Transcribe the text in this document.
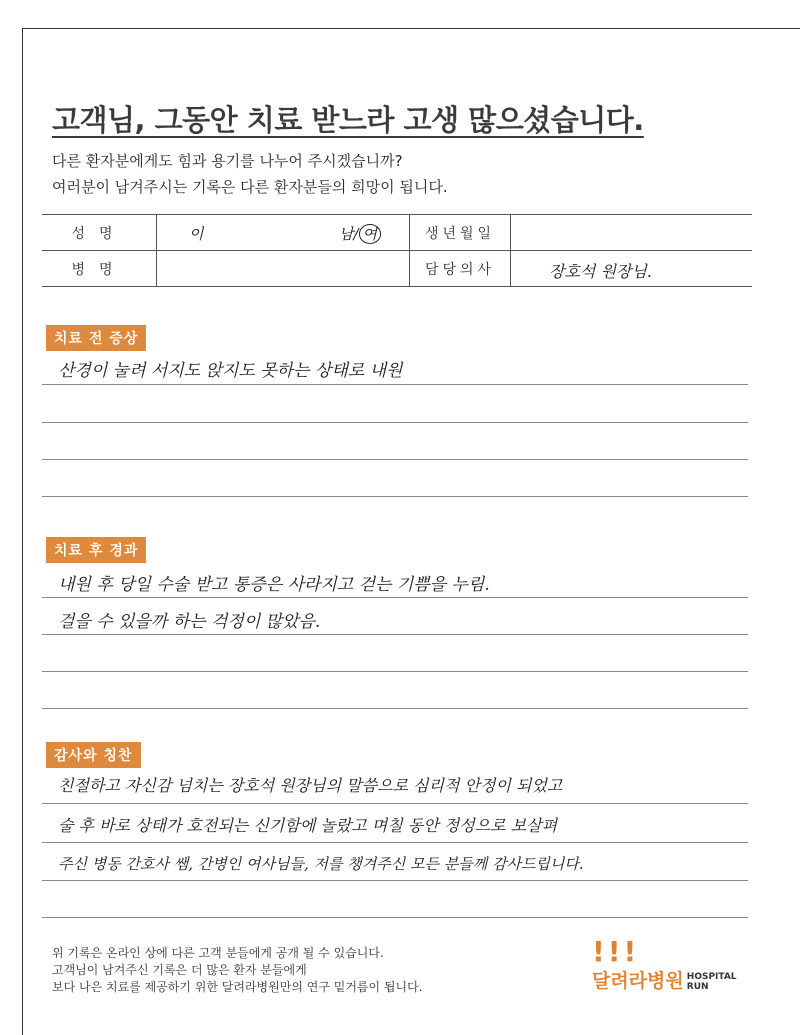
고객님, 그동안 치료 받느라 고생 많으셨습니다.
다른 환자분에게도 힘과 용기를 나누어 주시겠습니까?
여러분이 남겨주시는 기록은 다른 환자분들의 희망이 됩니다.
성명	이 남/ 여	생년월일	
병명		담당의사	장호석 원장님.
치료 전 증상
산경이 눌려 서지도 앉지도 못하는 상태로 내원
치료 후 경과
내원 후 당일 수술 받고 통증은 사라지고 걷는 기쁨을 누림.
걸을 수 있을까 하는 걱정이 많았음.
감사와 칭찬
친절하고 자신감 넘치는 장호석 원장님의 말씀으로 심리적 안정이 되었고
술 후 바로 상태가 호전되는 신기함에 놀랐고 며칠 동안 정성으로 보살펴
주신 병동 간호사 쌤, 간병인 여사님들, 저를 챙겨주신 모든 분들께 감사드립니다.
위 기록은 온라인 상에 다른 고객 분들에게 공개 될 수 있습니다.
고객님이 남겨주신 기록은 더 많은 환자 분들에게
보다 나은 치료를 제공하기 위한 달려라병원만의 연구 밑거름이 됩니다.
!!!
달려라병원 HOSPITAL
RUN
